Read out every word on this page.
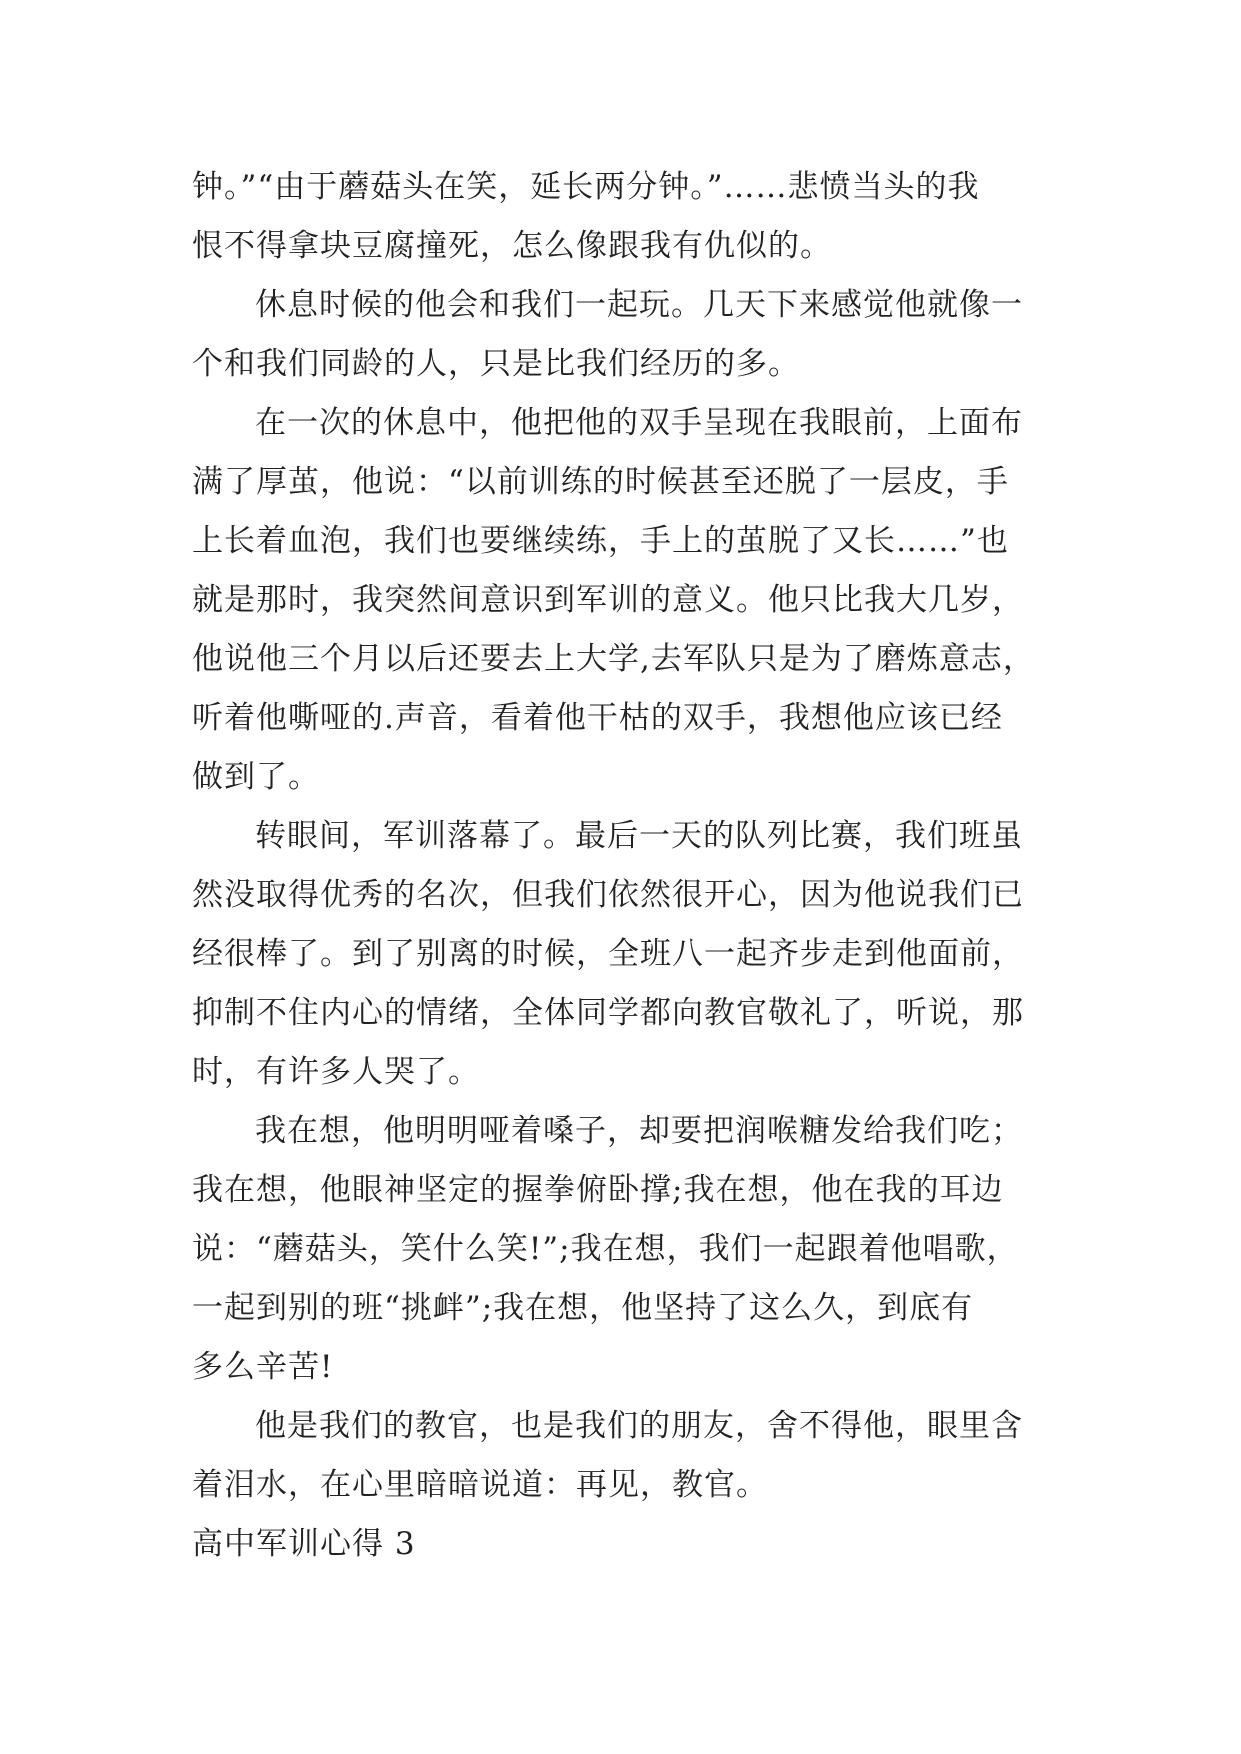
钟。”“由于蘑菇头在笑，延长两分钟。”……悲愤当头的我
恨不得拿块豆腐撞死，怎么像跟我有仇似的。

休息时候的他会和我们一起玩。几天下来感觉他就像一
个和我们同龄的人，只是比我们经历的多。

在一次的休息中，他把他的双手呈现在我眼前，上面布
满了厚茧，他说：“以前训练的时候甚至还脱了一层皮，手
上长着血泡，我们也要继续练，手上的茧脱了又长……”也
就是那时，我突然间意识到军训的意义。他只比我大几岁，
他说他三个月以后还要去上大学,去军队只是为了磨炼意志，
听着他嘶哑的.声音，看着他干枯的双手，我想他应该已经
做到了。

转眼间，军训落幕了。最后一天的队列比赛，我们班虽
然没取得优秀的名次，但我们依然很开心，因为他说我们已
经很棒了。到了别离的时候，全班八一起齐步走到他面前，
抑制不住内心的情绪，全体同学都向教官敬礼了，听说，那
时，有许多人哭了。

我在想，他明明哑着嗓子，却要把润喉糖发给我们吃；
我在想，他眼神坚定的握拳俯卧撑;我在想，他在我的耳边
说：“蘑菇头，笑什么笑!”;我在想，我们一起跟着他唱歌，
一起到别的班“挑衅”;我在想，他坚持了这么久，到底有
多么辛苦!

他是我们的教官，也是我们的朋友，舍不得他，眼里含
着泪水，在心里暗暗说道：再见，教官。

高中军训心得 3
